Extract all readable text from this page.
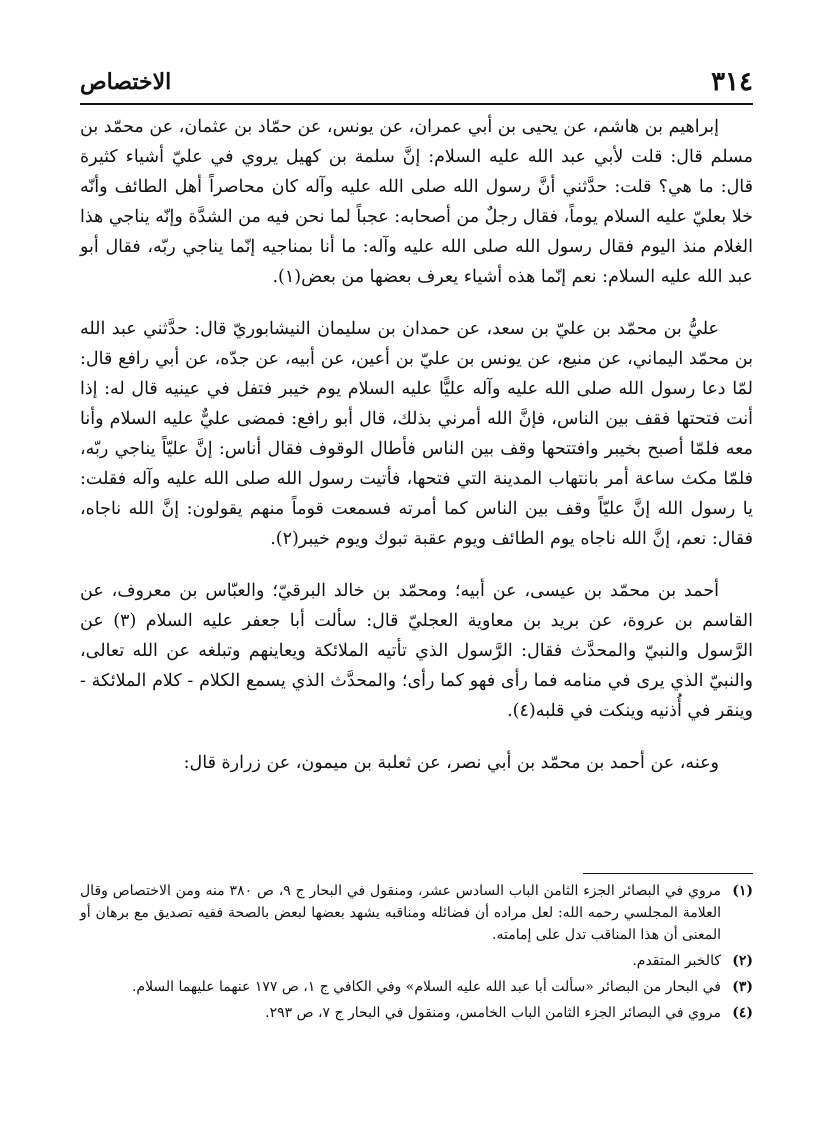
الاختصاص	٣١٤

إبراهيم بن هاشم، عن يحيى بن أبي عمران، عن يونس، عن حمّاد بن عثمان، عن محمّد بن مسلم قال: قلت لأبي عبد الله عليه السلام: إنَّ سلمة بن كهيل يروي في عليّ أشياء كثيرة قال: ما هي؟ قلت: حدَّثني أنَّ رسول الله صلى الله عليه وآله كان محاصراً أهل الطائف وأنّه خلا بعليّ عليه السلام يوماً، فقال رجلٌ من أصحابه: عجباً لما نحن فيه من الشدَّة وإنّه يناجي هذا الغلام منذ اليوم فقال رسول الله صلى الله عليه وآله: ما أنا بمناجيه إنّما يناجي ربّه، فقال أبو عبد الله عليه السلام: نعم إنّما هذه أشياء يعرف بعضها من بعض(١).

عليُّ بن محمّد بن عليّ بن سعد، عن حمدان بن سليمان النيشابوريّ قال: حدَّثني عبد الله بن محمّد اليماني، عن منيع، عن يونس بن عليّ بن أعين، عن أبيه، عن جدّه، عن أبي رافع قال: لمّا دعا رسول الله صلى الله عليه وآله عليًّا عليه السلام يوم خيبر فتفل في عينيه قال له: إذا أنت فتحتها فقف بين الناس، فإنَّ الله أمرني بذلك، قال أبو رافع: فمضى عليٌّ عليه السلام وأنا معه فلمّا أصبح بخيبر وافتتحها وقف بين الناس فأطال الوقوف فقال أناس: إنَّ عليّاً يناجي ربّه، فلمّا مكث ساعة أمر بانتهاب المدينة التي فتحها، فأتيت رسول الله صلى الله عليه وآله فقلت: يا رسول الله إنَّ عليّاً وقف بين الناس كما أمرته فسمعت قوماً منهم يقولون: إنَّ الله ناجاه، فقال: نعم، إنَّ الله ناجاه يوم الطائف ويوم عقبة تبوك ويوم خيبر(٢).

أحمد بن محمّد بن عيسى، عن أبيه؛ ومحمّد بن خالد البرقيّ؛ والعبّاس بن معروف، عن القاسم بن عروة، عن بريد بن معاوية العجليّ قال: سألت أبا جعفر عليه السلام (٣) عن الرَّسول والنبيّ والمحدَّث فقال: الرَّسول الذي تأتيه الملائكة ويعاينهم وتبلغه عن الله تعالى، والنبيّ الذي يرى في منامه فما رأى فهو كما رأى؛ والمحدَّث الذي يسمع الكلام - كلام الملائكة - وينقر في أُذنيه وينكت في قلبه(٤).

وعنه، عن أحمد بن محمّد بن أبي نصر، عن ثعلبة بن ميمون، عن زرارة قال:

(١)
مروي في البصائر الجزء الثامن الباب السادس عشر، ومنقول في البحار ج ٩، ص ٣٨٠ منه ومن الاختصاص وقال العلامة المجلسي رحمه الله: لعل مراده أن فضائله ومناقبه يشهد بعضها لبعض بالصحة ففيه تصديق مع برهان أو المعنى أن هذا المناقب تدل على إمامته.
(٢)
كالخبر المتقدم.
(٣)
في البحار من البصائر «سألت أبا عبد الله عليه السلام» وفي الكافي ج ١، ص ١٧٧ عنهما عليهما السلام.
(٤)
مروي في البصائر الجزء الثامن الباب الخامس، ومنقول في البحار ج ٧، ص ٢٩٣.
